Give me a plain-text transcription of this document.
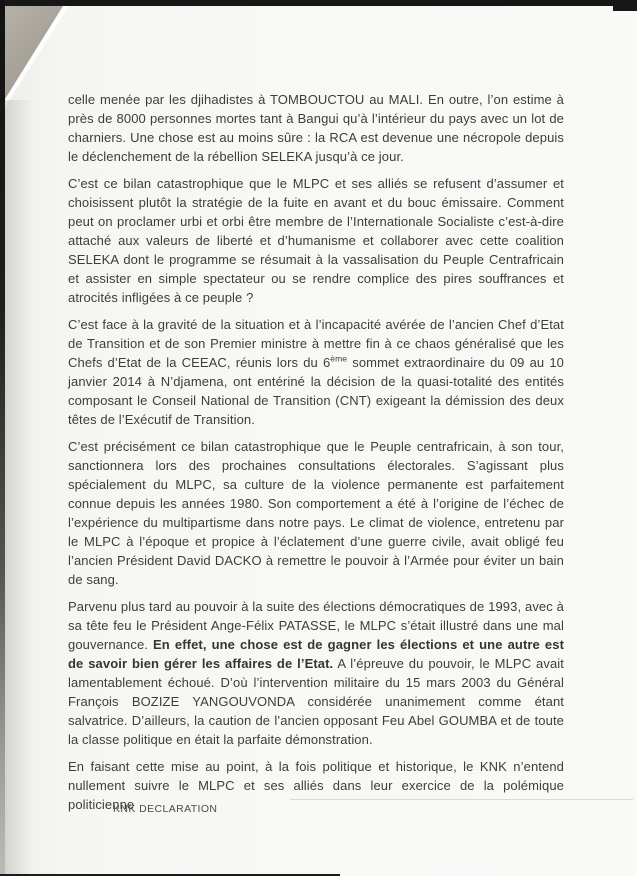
celle menée par les djihadistes à TOMBOUCTOU au MALI. En outre, l’on estime à près de 8000 personnes mortes tant à Bangui qu’à l’intérieur du pays avec un lot de charniers. Une chose est au moins sûre : la RCA est devenue une nécropole depuis le déclenchement de la rébellion SELEKA jusqu’à ce jour.

C’est ce bilan catastrophique que le MLPC et ses alliés se refusent d’assumer et choisissent plutôt la stratégie de la fuite en avant et du bouc émissaire. Comment peut on proclamer urbi et orbi être membre de l’Internationale Socialiste c’est-à-dire attaché aux valeurs de liberté et d’humanisme et collaborer avec cette coalition SELEKA dont le programme se résumait à la vassalisation du Peuple Centrafricain et assister en simple spectateur ou se rendre complice des pires souffrances et atrocités infligées à ce peuple ?

C’est face à la gravité de la situation et à l’incapacité avérée de l’ancien Chef d’Etat de Transition et de son Premier ministre à mettre fin à ce chaos généralisé que les Chefs d’Etat de la CEEAC, réunis lors du 6ème sommet extraordinaire du 09 au 10 janvier 2014 à N’djamena, ont entériné la décision de la quasi-totalité des entités composant le Conseil National de Transition (CNT) exigeant la démission des deux têtes de l’Exécutif de Transition.

C’est précisément ce bilan catastrophique que le Peuple centrafricain, à son tour, sanctionnera lors des prochaines consultations électorales. S’agissant plus spécialement du MLPC, sa culture de la violence permanente est parfaitement connue depuis les années 1980. Son comportement a été à l’origine de l’échec de l’expérience du multipartisme dans notre pays. Le climat de violence, entretenu par le MLPC à l’époque et propice à l’éclatement d’une guerre civile, avait obligé feu l’ancien Président David DACKO à remettre le pouvoir à l’Armée pour éviter un bain de sang.

Parvenu plus tard au pouvoir à la suite des élections démocratiques de 1993, avec à sa tête feu le Président Ange-Félix PATASSE, le MLPC s’était illustré dans une mal gouvernance. En effet, une chose est de gagner les élections et une autre est de savoir bien gérer les affaires de l’Etat. A l’épreuve du pouvoir, le MLPC avait lamentablement échoué. D’où l’intervention militaire du 15 mars 2003 du Général François BOZIZE YANGOUVONDA considérée unanimement comme étant salvatrice. D’ailleurs, la caution de l’ancien opposant Feu Abel GOUMBA et de toute la classe politique en était la parfaite démonstration.

En faisant cette mise au point, à la fois politique et historique, le KNK n’entend nullement suivre le MLPC et ses alliés dans leur exercice de la polémique politicienne

KNK DECLARATION
